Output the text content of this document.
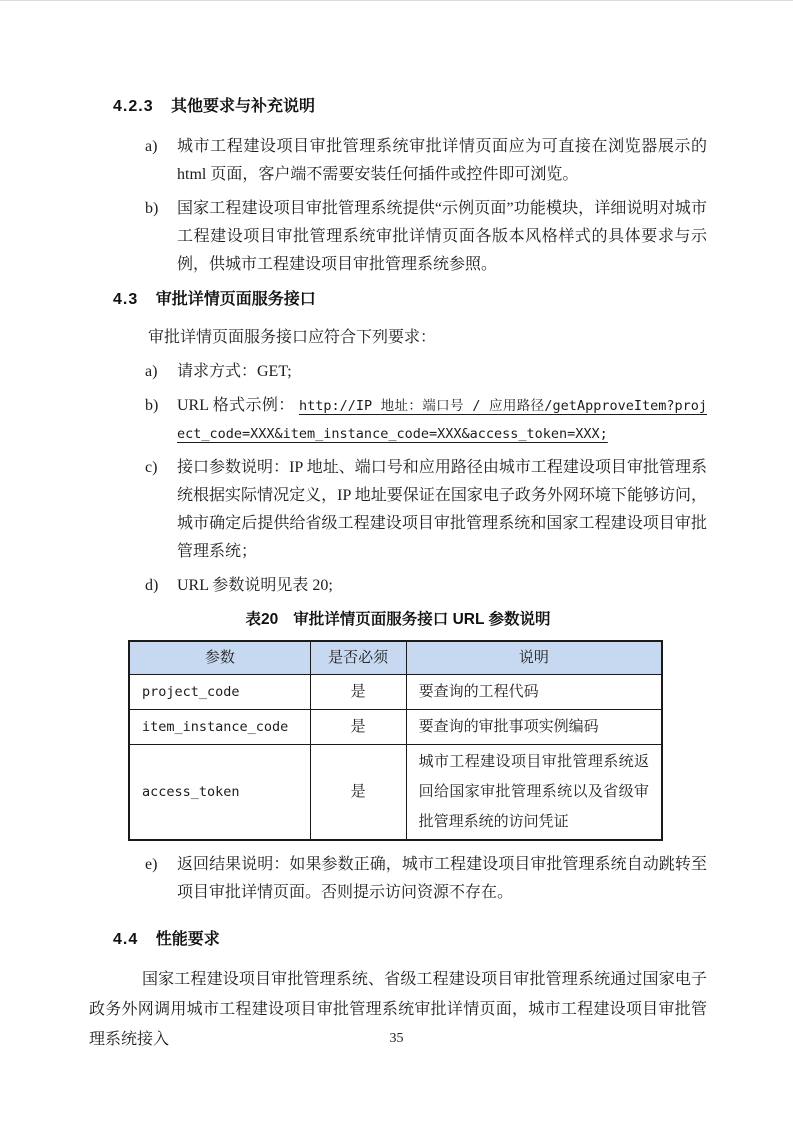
4.2.3 其他要求与补充说明
a)	城市工程建设项目审批管理系统审批详情页面应为可直接在浏览器展示的 html 页面，客户端不需要安装任何插件或控件即可浏览。
b)	国家工程建设项目审批管理系统提供“示例页面”功能模块，详细说明对城市工程建设项目审批管理系统审批详情页面各版本风格样式的具体要求与示例，供城市工程建设项目审批管理系统参照。
4.3 审批详情页面服务接口

审批详情页面服务接口应符合下列要求：

a)	请求方式：GET;
b)	URL 格式示例： http://IP 地址：端口号 / 应用路径/getApproveItem?project_code=XXX&item_instance_code=XXX&access_token=XXX;
c)	接口参数说明：IP 地址、端口号和应用路径由城市工程建设项目审批管理系统根据实际情况定义，IP 地址要保证在国家电子政务外网环境下能够访问，城市确定后提供给省级工程建设项目审批管理系统和国家工程建设项目审批管理系统；
d)	URL 参数说明见表 20;
表20 审批详情页面服务接口 URL 参数说明
参数	是否必须	说明
project_code	是	要查询的工程代码
item_instance_code	是	要查询的审批事项实例编码
access_token	是	城市工程建设项目审批管理系统返回给国家审批管理系统以及省级审批管理系统的访问凭证
e)	返回结果说明：如果参数正确，城市工程建设项目审批管理系统自动跳转至项目审批详情页面。否则提示访问资源不存在。
4.4 性能要求

国家工程建设项目审批管理系统、省级工程建设项目审批管理系统通过国家电子政务外网调用城市工程建设项目审批管理系统审批详情页面，城市工程建设项目审批管理系统接入	35
